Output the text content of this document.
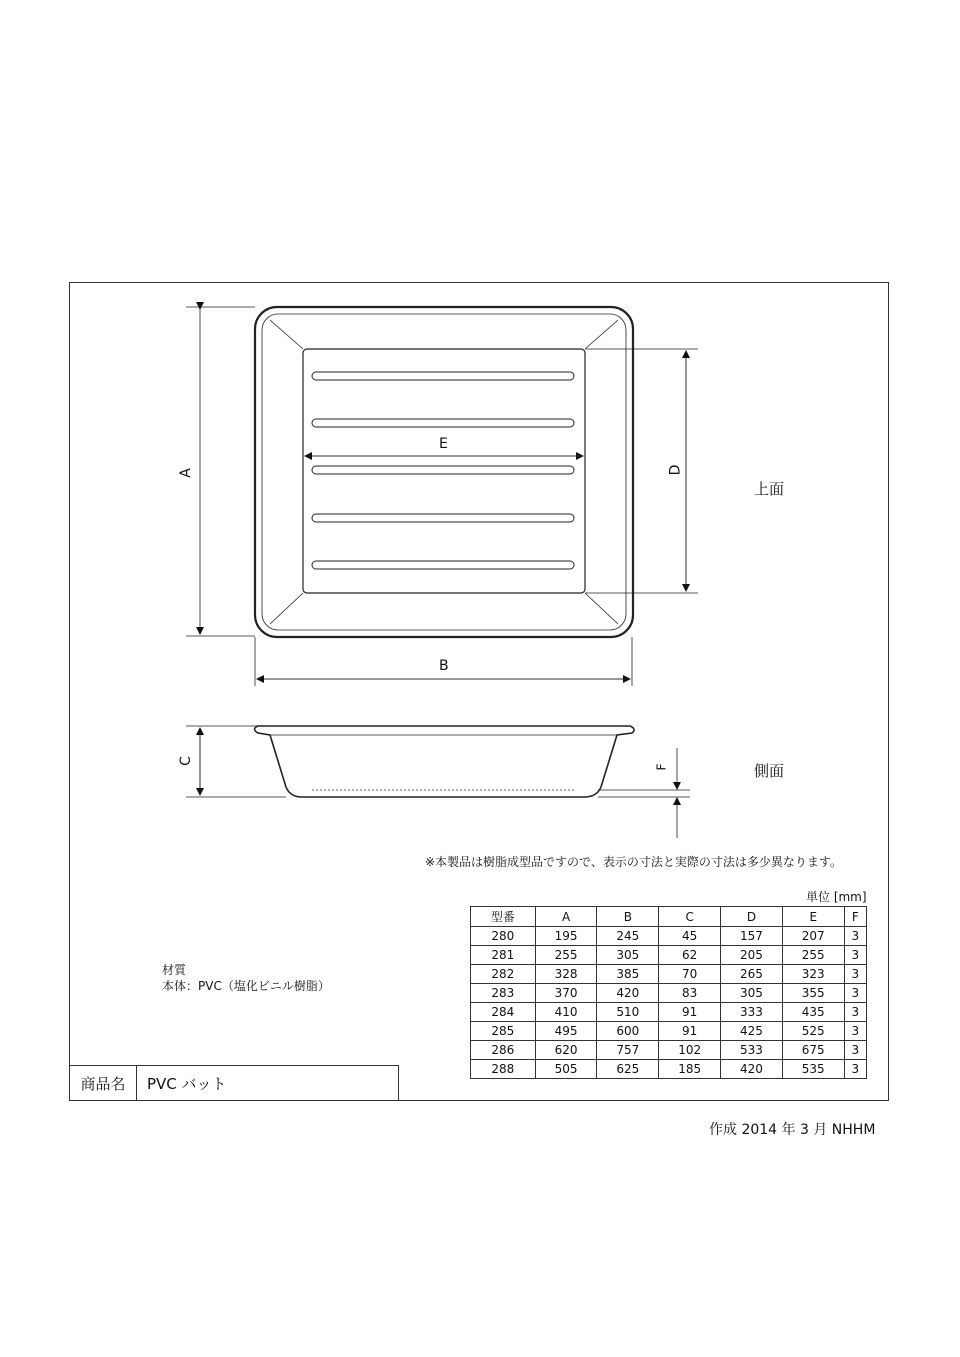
A
B
E
D
C
F
上面
側面
※本製品は樹脂成型品ですので、表示の寸法と実際の寸法は多少異なります。
単位 [mm]
型番	A	B	C	D	E	F
280	195	245	45	157	207	3
281	255	305	62	205	255	3
282	328	385	70	265	323	3
283	370	420	83	305	355	3
284	410	510	91	333	435	3
285	495	600	91	425	525	3
286	620	757	102	533	675	3
288	505	625	185	420	535	3
材質
本体：PVC（塩化ビニル樹脂）
商品名	PVC バット
作成 2014 年 3 月 NHHM
